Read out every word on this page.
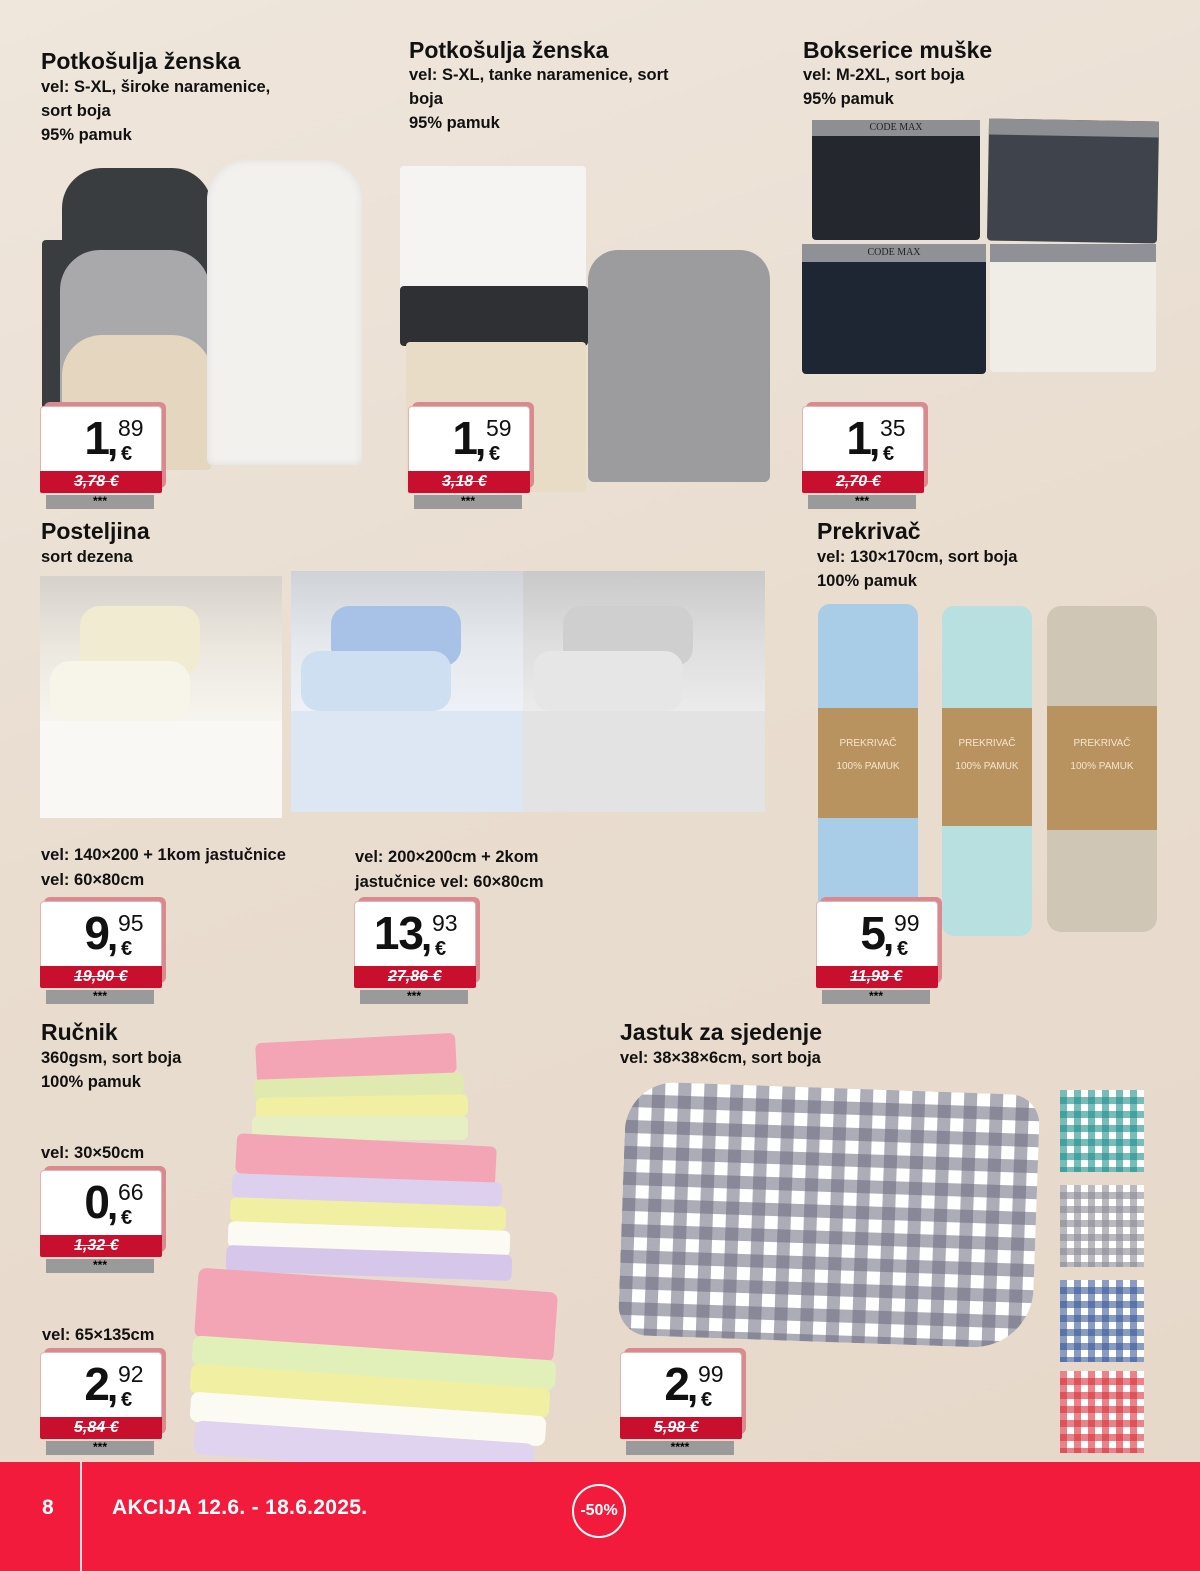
Potkošulja ženska

vel: S-XL, široke naramenice,
sort boja
95% pamuk

1
, 89
€
3,78 €
***
Potkošulja ženska

vel: S-XL, tanke naramenice, sort
boja
95% pamuk

1
, 59
€
3,18 €
***
Bokserice muške

vel: M-2XL, sort boja
95% pamuk

CODE MAX
CODE MAX
1
, 35
€
2,70 €
***
Posteljina

sort dezena

vel: 140×200 + 1kom jastučnice
vel: 60×80cm
9
, 95
€
19,90 €
***
vel: 200×200cm + 2kom
jastučnice vel: 60×80cm
13
, 93
€
27,86 €
***
Prekrivač

vel: 130×170cm, sort boja
100% pamuk

PREKRIVAČ
100% PAMUK
PREKRIVAČ
100% PAMUK
PREKRIVAČ
100% PAMUK
5
, 99
€
11,98 €
***
Ručnik

360gsm, sort boja
100% pamuk

vel: 30×50cm
0
, 66
€
1,32 €
***
vel: 65×135cm
2
, 92
€
5,84 €
***
Jastuk za sjedenje

vel: 38×38×6cm, sort boja

2
, 99
€
5,98 €
****
8	AKCIJA 12.6. - 18.6.2025.	-50%
